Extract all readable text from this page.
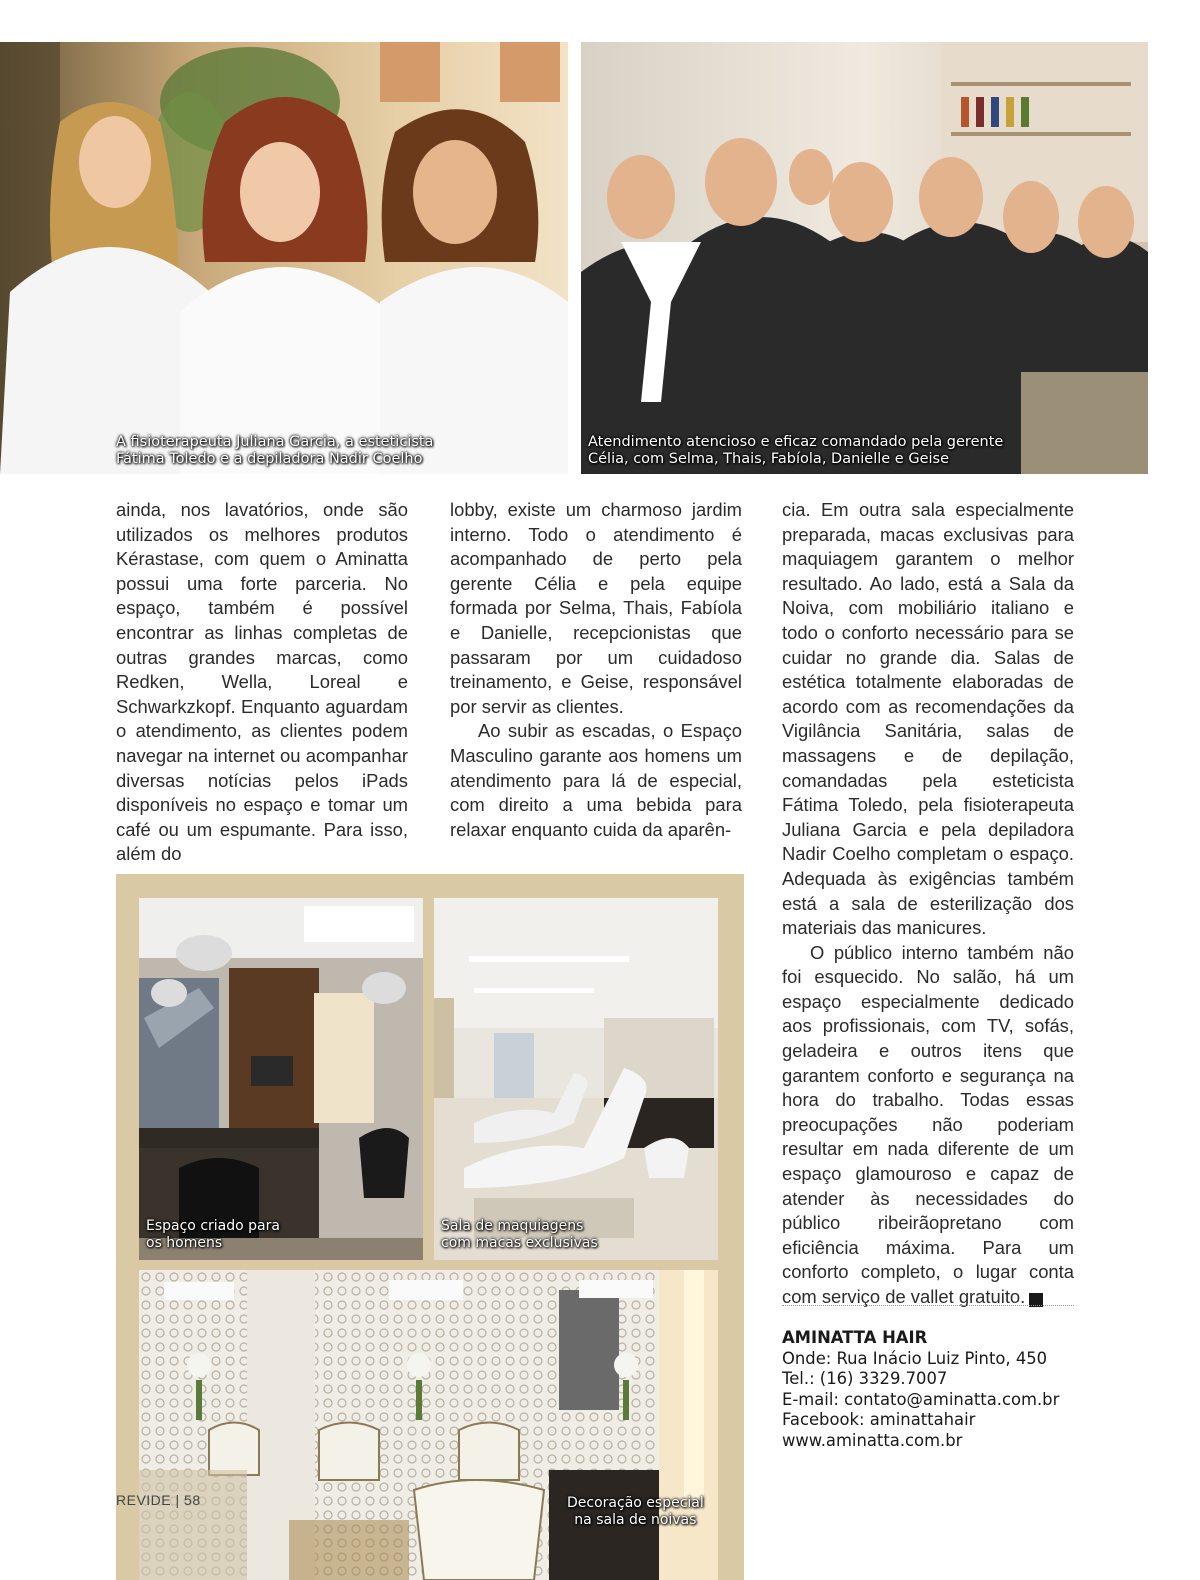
A fisioterapeuta Juliana Garcia, a esteticista
Fátima Toledo e a depiladora Nadir Coelho
Atendimento atencioso e eficaz comandado pela gerente
Célia, com Selma, Thais, Fabíola, Danielle e Geise

ainda, nos lavatórios, onde são utilizados os melhores produtos Kérastase, com quem o Aminatta possui uma forte parceria. No espaço, também é possível encontrar as linhas completas de outras grandes marcas, como Redken, Wella, Loreal e Schwarkzkopf. Enquanto aguardam o atendimento, as clientes podem navegar na internet ou acompanhar diversas notícias pelos iPads disponíveis no espaço e tomar um café ou um espumante. Para isso, além do

lobby, existe um charmoso jardim interno. Todo o atendimento é acompanhado de perto pela gerente Célia e pela equipe formada por Selma, Thais, Fabíola e Danielle, recepcionistas que passaram por um cuidadoso treinamento, e Geise, responsável por servir as clientes.

Ao subir as escadas, o Espaço Masculino garante aos homens um atendimento para lá de especial, com direito a uma bebida para relaxar enquanto cuida da aparên-

cia. Em outra sala especialmente preparada, macas exclusivas para maquiagem garantem o melhor resultado. Ao lado, está a Sala da Noiva, com mobiliário italiano e todo o conforto necessário para se cuidar no grande dia. Salas de estética totalmente elaboradas de acordo com as recomendações da Vigilância Sanitária, salas de massagens e de depilação, comandadas pela esteticista Fátima Toledo, pela fisioterapeuta Juliana Garcia e pela depiladora Nadir Coelho completam o espaço. Adequada às exigências também está a sala de esterilização dos materiais das manicures.

O público interno também não foi esquecido. No salão, há um espaço especialmente dedicado aos profissionais, com TV, sofás, geladeira e outros itens que garantem conforto e segurança na hora do trabalho. Todas essas preocupações não poderiam resultar em nada diferente de um espaço glamouroso e capaz de atender às necessidades do público ribeirãopretano com eficiência máxima. Para um conforto completo, o lugar conta com serviço de vallet gratuito. r

Espaço criado para
os homens
Sala de maquiagens
com macas exclusivas
Decoração especial
na sala de noivas
AMINATTA HAIR
Onde: Rua Inácio Luiz Pinto, 450
Tel.: (16) 3329.7007
E-mail: contato@aminatta.com.br
Facebook: aminattahair
www.aminatta.com.br
REVIDE | 58
